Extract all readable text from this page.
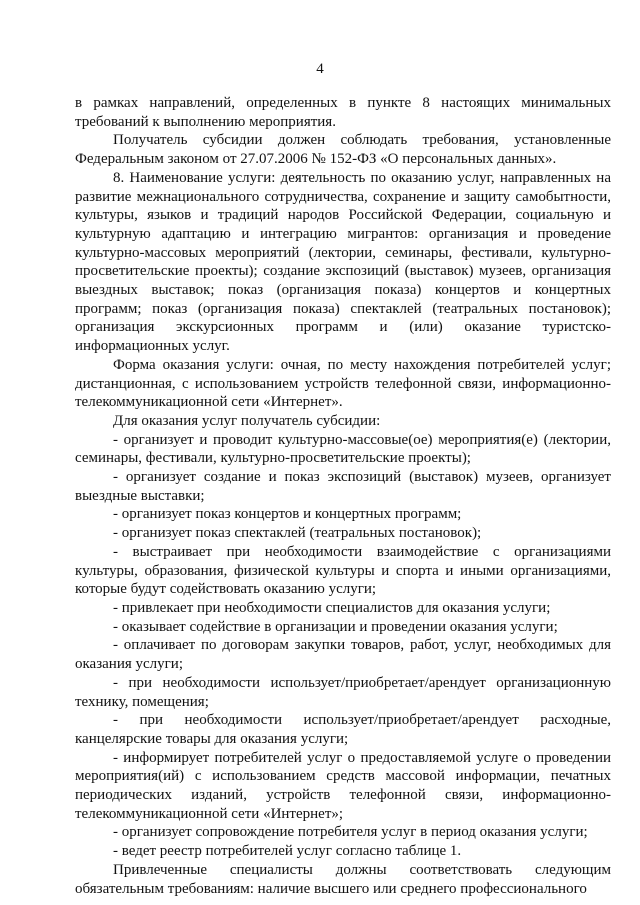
4

в рамках направлений, определенных в пункте 8 настоящих минимальных требований к выполнению мероприятия.

Получатель субсидии должен соблюдать требования, установленные Федеральным законом от 27.07.2006 № 152-ФЗ «О персональных данных».

8. Наименование услуги: деятельность по оказанию услуг, направленных на развитие межнационального сотрудничества, сохранение и защиту самобытности, культуры, языков и традиций народов Российской Федерации, социальную и культурную адаптацию и интеграцию мигрантов: организация и проведение культурно-массовых мероприятий (лектории, семинары, фестивали, культурно-просветительские проекты); создание экспозиций (выставок) музеев, организация выездных выставок; показ (организация показа) концертов и концертных программ; показ (организация показа) спектаклей (театральных постановок); организация экскурсионных программ и (или) оказание туристско-информационных услуг.

Форма оказания услуги: очная, по месту нахождения потребителей услуг; дистанционная, с использованием устройств телефонной связи, информационно-телекоммуникационной сети «Интернет».

Для оказания услуг получатель субсидии:

- организует и проводит культурно-массовые(ое) мероприятия(е) (лектории, семинары, фестивали, культурно-просветительские проекты);

- организует создание и показ экспозиций (выставок) музеев, организует выездные выставки;

- организует показ концертов и концертных программ;

- организует показ спектаклей (театральных постановок);

- выстраивает при необходимости взаимодействие с организациями культуры, образования, физической культуры и спорта и иными организациями, которые будут содействовать оказанию услуги;

- привлекает при необходимости специалистов для оказания услуги;

- оказывает содействие в организации и проведении оказания услуги;

- оплачивает по договорам закупки товаров, работ, услуг, необходимых для оказания услуги;

- при необходимости использует/приобретает/арендует организационную технику, помещения;

- при необходимости использует/приобретает/арендует расходные, канцелярские товары для оказания услуги;

- информирует потребителей услуг о предоставляемой услуге о проведении мероприятия(ий) с использованием средств массовой информации, печатных периодических изданий, устройств телефонной связи, информационно-телекоммуникационной сети «Интернет»;

- организует сопровождение потребителя услуг в период оказания услуги;

- ведет реестр потребителей услуг согласно таблице 1.

Привлеченные специалисты должны соответствовать следующим обязательным требованиям: наличие высшего или среднего профессионального
